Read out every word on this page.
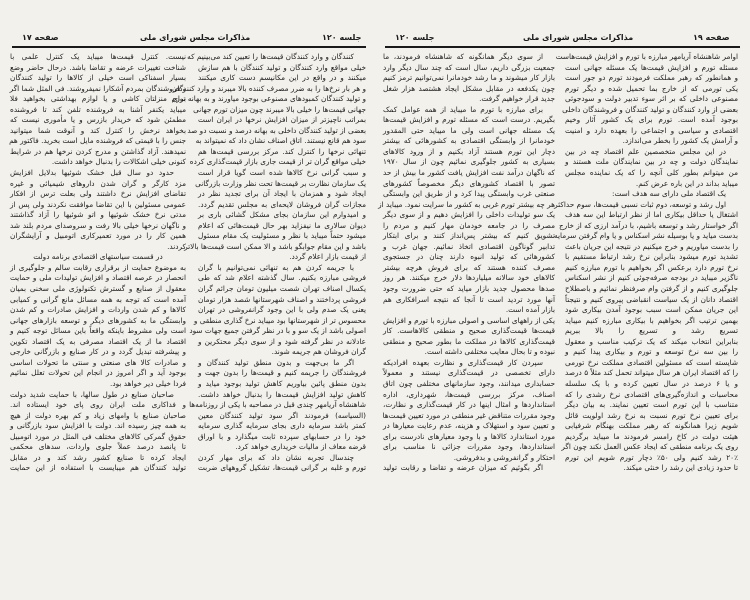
صفحه ۱۷	مذاکرات مجلس شورای ملی	جلسه ۱۲۰
کنندگان و وارد کنندگان قیمت‌ها را تعیین کند می‌بینیم که
خیلی مواقع وارد کنندگان و تولید کنندگان با هم سازش
میکنند و در واقع در این مکانیسم دست کاری میکنند
و هر بار نرخ‌ها را به ضرر مصرف کننده بالا میبرند و وارد کنندگان
و تولید کنندگان کمبودهای مصنوعی بوجود میاورند و به بهانه تورم
جهانی قیمت‌ها را خیلی بالا میبرند چون میزان تورم جهانی
بمراتب ناچیزتر از میزان افزایش نرخها در ایران است
بعضی از تولید کنندگان داخلی به بهانه درصد و نسبت دو صد
سود هم قانع نیستند. اتاق اصناف نشان داد که نمیتواند به
تنهائی نرخها را کنترل کند. مرکز بررسی قیمت‌ها هم
خیلی مواقع گران تر از قیمت جاری بازار قیمت‌گذاری کرده
و سبب گرانی نرخ کالاها شده است گویا قرار است
یک سازمان نظارت بر قیمت‌ها تحت نظر وزارت بازرگانی
ایجاد شود و همزمان با ایجاد آن برای تجدید نظر در
مجازات گران فروشان لایحه‌ای به مجلس تقدیم گردد.
و امیدوارم این سازمان بجای مشکل گشائی باری بر
دیوان سالاری ما نیفزاید بهر حال قیمت‌هائی که اعلام
میشود حتماً میباید با نظر و مسئولیت یک مقام مسئول
باشد و این مقام جوابگو باشد و الا ممکن است قیمت‌ها بالاتر
از قیمت بازار اعلام گردد.
با جریمه کردن هم به تنهائی نمی‌توانیم با گران
فروشی مبارزه بکنیم. سال گذشته اعلام شد که طی
یکسال اصناف تهران شصت میلیون تومان جرائم گران
فروشی پرداختند و اصناف شهرستانها شصد هزار تومان
یعنی یک صدم ولی با این وجود گرانفروشی در تهران
محسوس تر از شهرستانها بود میباید نرخ گذاری منطقی و
اصولی باشد از یک سو و با در نظر گرفتن جمیع جهات سود
عادلانه در نظر گرفته شود و از سوی دیگر محتکرین و
گران فروشان هم جریمه شوند.
اگر ما بی‌جهت و بدون منطق تولید کنندگان و
فروشندگان را جریمه کنیم و قیمت‌ها را بدون جهت و
بدون منطق پائین بیاوریم کاهش تولید بوجود میاید و
کاهش تولید افزایش قیمت‌ها را بدنبال خواهد داشت.
شاهنشاه آریامهر چندی قبل در مصاحبه با یکی از روزنامه‌ها
(السیاسه) فرمودند اگر سود تولید کنندگان معین
کمتر باشد سرمایه داری بجای سرمایه گذاری سرمایه
خود را در حسابهای سپرده ثابت میگذارد و با اوراق
قرضه معاف از مالیات خریداری خواهد کرد.
چندسال تجربه نشان داد که برای مهار کردن
تورم و غلبه بر گرانی قیمت‌ها، تشکیل گروههای ضربت
نیست. کنترل قیمت‌ها میباید یک کنترل علمی با
شناخت تغییرات عرضه و تقاضا باشد. درحال حاضر وضع
بسیار اسفناکی است خیلی از کالاها را تولید کنندگان
و فروشندگان بمردم آشکارا نمیفروشند. فی المثل شما اگر
برای منزلتان کاشی و یا لوازم بهداشتی بخواهید فلا
میباید یکنفر آشنا به فروشنده تلفن کند تا فروشنده
مطمئن شود که خریدار بازرس و یا مأموری نیست که
بخواهد نرخش را کنترل کند و آنوقت شما میتوانید
جنس را با قیمتی که فروشنده مایل است بخرید. فاکتور هم
نمیدهند. آزاد گذاشتن و مدرج کردن نرخها هم در شرایط
کنونی خیلی اشکالات را بدنبال خواهد داشت.
حدود دو سال قبل خشک شوئیها بدلایل افزایش
مزد کارگر و گران شدن داروهای شیمیائی و غیره
تقاضای افزایش نرخ داشتند ولی بعلت ترس از افکار
عمومی مسئولین با این تقاضا موافقت نکردند ولی پس از
مدتی نرخ خشک شوئیها و اتو شوئیها را آزاد گذاشتند
و ناگهان نرخها خیلی بالا رفت و سروصدای مردم بلند شد
همین کار را در مورد تعمیرکاری اتومبیل و آرایشگران
کردند.
در قسمت سیاستهای اقتصادی برنامه دولت
به موضوع حمایت از برقراری رقابت سالم و جلوگیری از
انحصار در عرصه اقتصاد و افزایش تولیدات ملی و حمایت
معقول از صنایع و گسترش تکنولوژی ملی سخنی بمیان
آمده است که توجه به همه مسائل مانع گرانی و کمیابی
کالاها و کم شدن واردات و افزایش صادرات و کم شدن
وابستگی ما به کشورهای دیگر و توسعه بازارهای جهانی
است ولی مشروط باینکه واقعاً باین مسائل توجه کنیم و
اقتصاد ما از یک اقتصاد مصرفی به یک اقتصاد تکوین
و پیشرفته تبدیل گردد و در کار صنایع و بازرگانی خارجی
و صادرات کالا های صنعتی و سنتی ما تحولات اساسی
بوجود آید و اگر امروز در انجام این تحولات تعلل نمائیم
فردا خیلی دیر خواهد بود.
صاحبان صنایع در طول سالها، با حمایت شدید دولت
و فداکاری ملت ایران روی پای خود ایستاده اند.
صاحبان صنایع با وامهای زیاد و کم بهره دولت از هیچ
به همه چیز رسیده اند. دولت با افزایش سود بازرگانی و
حقوق گمرکی کالاهای مختلف فی المثل در مورد اتومبیل
تا پانصد درصد عملاً جلوی واردات، سدهای محکمی
ایجاد کرده تا صنایع کشور رشد کند و در مقابل
تولید کنندگان هم میبایست با استفاده از این حمایت
جلسه ۱۲۰	مذاکرات مجلس شورای ملی	صفحه ۱۹
اوامر شاهنشاه آریامهر مبارزه با تورم و افزایش قیمت‌هاست
مسئله تورم و افزایش قیمت‌ها یک مسئله جهانی است
و همانطور که رهبر مملکت فرمودند تورم دو جور است
یکی تورمی که از خارج بما تحمیل شده و دیگر تورم
مصنوعی داخلی که بر اثر سوء تدبیر دولت و سودجوئی
بعضی از وارد کنندگان و تولید کنندگان و فروشندگان داخلی
بوجود آمده است. تورم برای یک کشور آثار وخیم
اقتصادی و سیاسی و اجتماعی را بعهده دارد و امنیت
و آرامش یک کشور را بخطر می‌اندازد.
در این مجلس متخصصین علم اقتصاد چه در بین
نمایندگان دولت و چه در بین نمایندگان ملت هستند و
من میتوانم بطور کلی آنچه را که یک نماینده مجلس
میباید بداند در این باره عرض کنم.
یک اقتصاد ملی دارای سه هدف است:
اول رشد و توسعه، دوم ثبات نسبی قیمت‌ها، سوم حداکثر
اشتغال یا حداقل بیکاری اما از نظر ارتباط این سه هدف
اگر خواستار رشد و توسعه باشیم، با درآمد ارزی که از خارج
بدست میاید و یا بوسیله نشر اسکناس و یا وام گرفتن سرمایه
را بدست میاوریم و خرج میکنیم در نتیجه این جریان باعث
تشدید تورم میشود بنابراین نرخ رشد ارتباط مستقیم با
نرخ تورم دارد برعکس اگر بخواهیم با تورم مبارزه کنیم
ناگزیر میباید در بودجه صرفه‌جوئی کنیم از نشر اسکناس
جلوگیری کنیم و از گرفتن وام صرفنظر نمائیم و باصطلاح
اقتصاد دانان از یک سیاست انقباضی پیروی کنیم و نتیجتاً
این جریان ممکن است سبب بوجود آمدن بیکاری شود
بهمین ترتیب اگر بخواهیم با بیکاری مبارزه کنیم میباید
تسریع رشد و تسریع را بالا ببریم
بنابراین انتخاب میکند که یک ترکیب مناسب و معقول
را بین سه نرخ توسعه و تورم و بیکاری پیدا کنیم و
شایسته است که مسئولین اقتصادی مملکت نرخ تورمی
را که اقتصاد ایران هر سال میتواند تحمل کند مثلاً ۵ درصد
و یا ۶ درصد در سال تعیین کرده و با یک سلسله
محاسبات و اندازه‌گیری‌های اقتصادی نرخ رشدی را که
متناسب با این تورم است تعیین نمایند. به بیان دیگر
برای تعیین نرخ تورم نسبت به نرخ رشد اولویت قائل
شویم زیرا همانگونه که رهبر مملکت بهنگام شرفیابی
هیئت دولت در کاخ رامسر فرمودند ما میباید برگردیم
روی یک برنامه منطقی که ایجاد عکس العمل نکند چون اگر
۲۰٪ رشد کنیم ولی ۵۰٪ دچار تورم شویم این تورم
تا حدود زیادی این رشد را خنثی میکند.
از سوی دیگر همانگونه که شاهنشاه فرمودند، ما
جمعیت بزرگی داریم، سال است که چند سال دیگر وارد
بازار کار میشوند و ما رشد خودمانرا نمی‌توانیم ترمز کنیم
چون یکدفعه در مقابل مشکل ایجاد هشتصد هزار شغل
جدید قرار خواهیم گرفت.
برای مبارزه با تورم ما میباید از همه عوامل کمک
بگیریم. درست است که مسئله تورم و افزایش قیمت‌ها
یک مسئله جهانی است ولی ما میباید حتی المقدور
خودمانرا از وابستگی اقتصادی به کشورهائی که بیشتر
دچار این تورم هستند آزاد بکنیم و از ورود کالاهای
بسیاری به کشور جلوگیری نمائیم چون از سال ۱۹۷۰
که ناگهان درآمد نفت افزایش یافت کشور ما بیش از حد
تصور با اقتصاد کشورهای دیگر مخصوصاً کشورهای
صنعتی غرب وابستگی پیدا کرد و از طریق این وابستگی
هر چه بیشتر تورم غربی به کشور ما سرایت نمود. میباید از
یک سو تولیدات داخلی را افزایش دهیم و از سوی دیگر
مصرف را در جامعه خودمان مهار کنیم و مردم را
تشویق کنیم که بیشتر پس‌انداز کنند و برای ابتکار
تدابیر گوناگون اقتصادی اتخاذ نمائیم. جهان غرب و
کشورهائی که تولید انبوه دارند چنان در جستجوی
مصرف کننده هستند که برای فروش هرچه بیشتر
کالاهای خود سالانه میلیاردها دلار خرج میکنند. هر روز
صدها محصول جدید بازار میاید که حتی ضرورت وجود
آنها مورد تردید است تا آنجا که نتیجه اسرافکاری هم
بازار آمده است.
یکی از راههای اساسی و اصولی مبارزه با تورم و افزایش
قیمت‌ها قیمت‌گذاری صحیح و منطقی کالاهاست. کار
قیمت‌گذاری کالاها در مملکت ما بطور صحیح و منطقی
نبوده و تا بحال معایب مختلفی داشته است.
سپردن کار قیمت‌گذاری و نظارت بعهده افرادیکه
دارای تخصصی در قیمت‌گذاری نیستند و معمولاً
حسابداری میدانند، وجود سازمانهای مختلفی چون اتاق
اصناف، مرکز بررسی قیمت‌ها، شهرداری، اداره
استانداردها و امثال اینها در کار قیمت‌گذاری و نظارت،
وجود مقررات متناقض غیر منطقی در مورد تعیین قیمت‌ها
و تعیین سود و استهلاک و هزینه، عدم رعایت معیارها در
مورد استاندارد کالاها و با وجود معیارهای نادرست برای
استانداردها، وجود مقررات جزائی نا مناسب برای
احتکار و گرانفروشی و بدفروشی.
اگر بگوئیم که میزان عرضه و تقاضا و رقابت تولید
